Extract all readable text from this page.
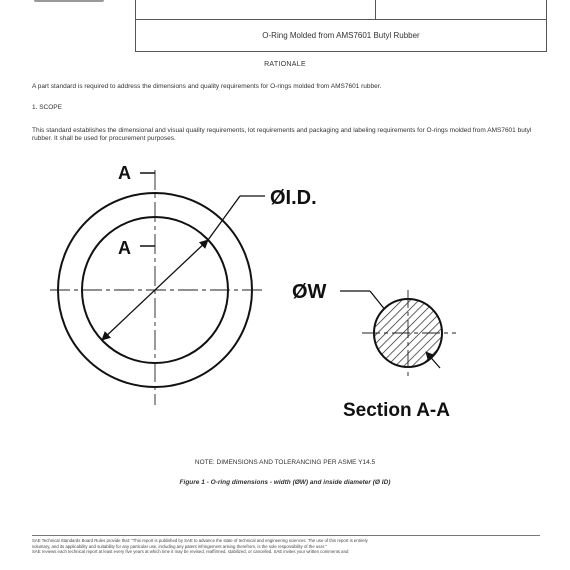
O-Ring Molded from AMS7601 Butyl Rubber
RATIONALE
A part standard is required to address the dimensions and quality requirements for O-rings molded from AMS7601 rubber.
1. SCOPE
This standard establishes the dimensional and visual quality requirements, lot requirements and packaging and labeling requirements for O-rings molded from AMS7601 butyl rubber. It shall be used for procurement purposes.
A
A
ØI.D.
ØW
Section A-A
NOTE: DIMENSIONS AND TOLERANCING PER ASME Y14.5
Figure 1 - O-ring dimensions - width (ØW) and inside diameter (Ø ID)
SAE Technical Standards Board Rules provide that: "This report is published by SAE to advance the state of technical and engineering sciences. The use of this report is entirely
voluntary, and its applicability and suitability for any particular use, including any patent infringement arising therefrom, is the sole responsibility of the user."
SAE reviews each technical report at least every five years at which time it may be revised, reaffirmed, stabilized, or cancelled. SAE invites your written comments and
